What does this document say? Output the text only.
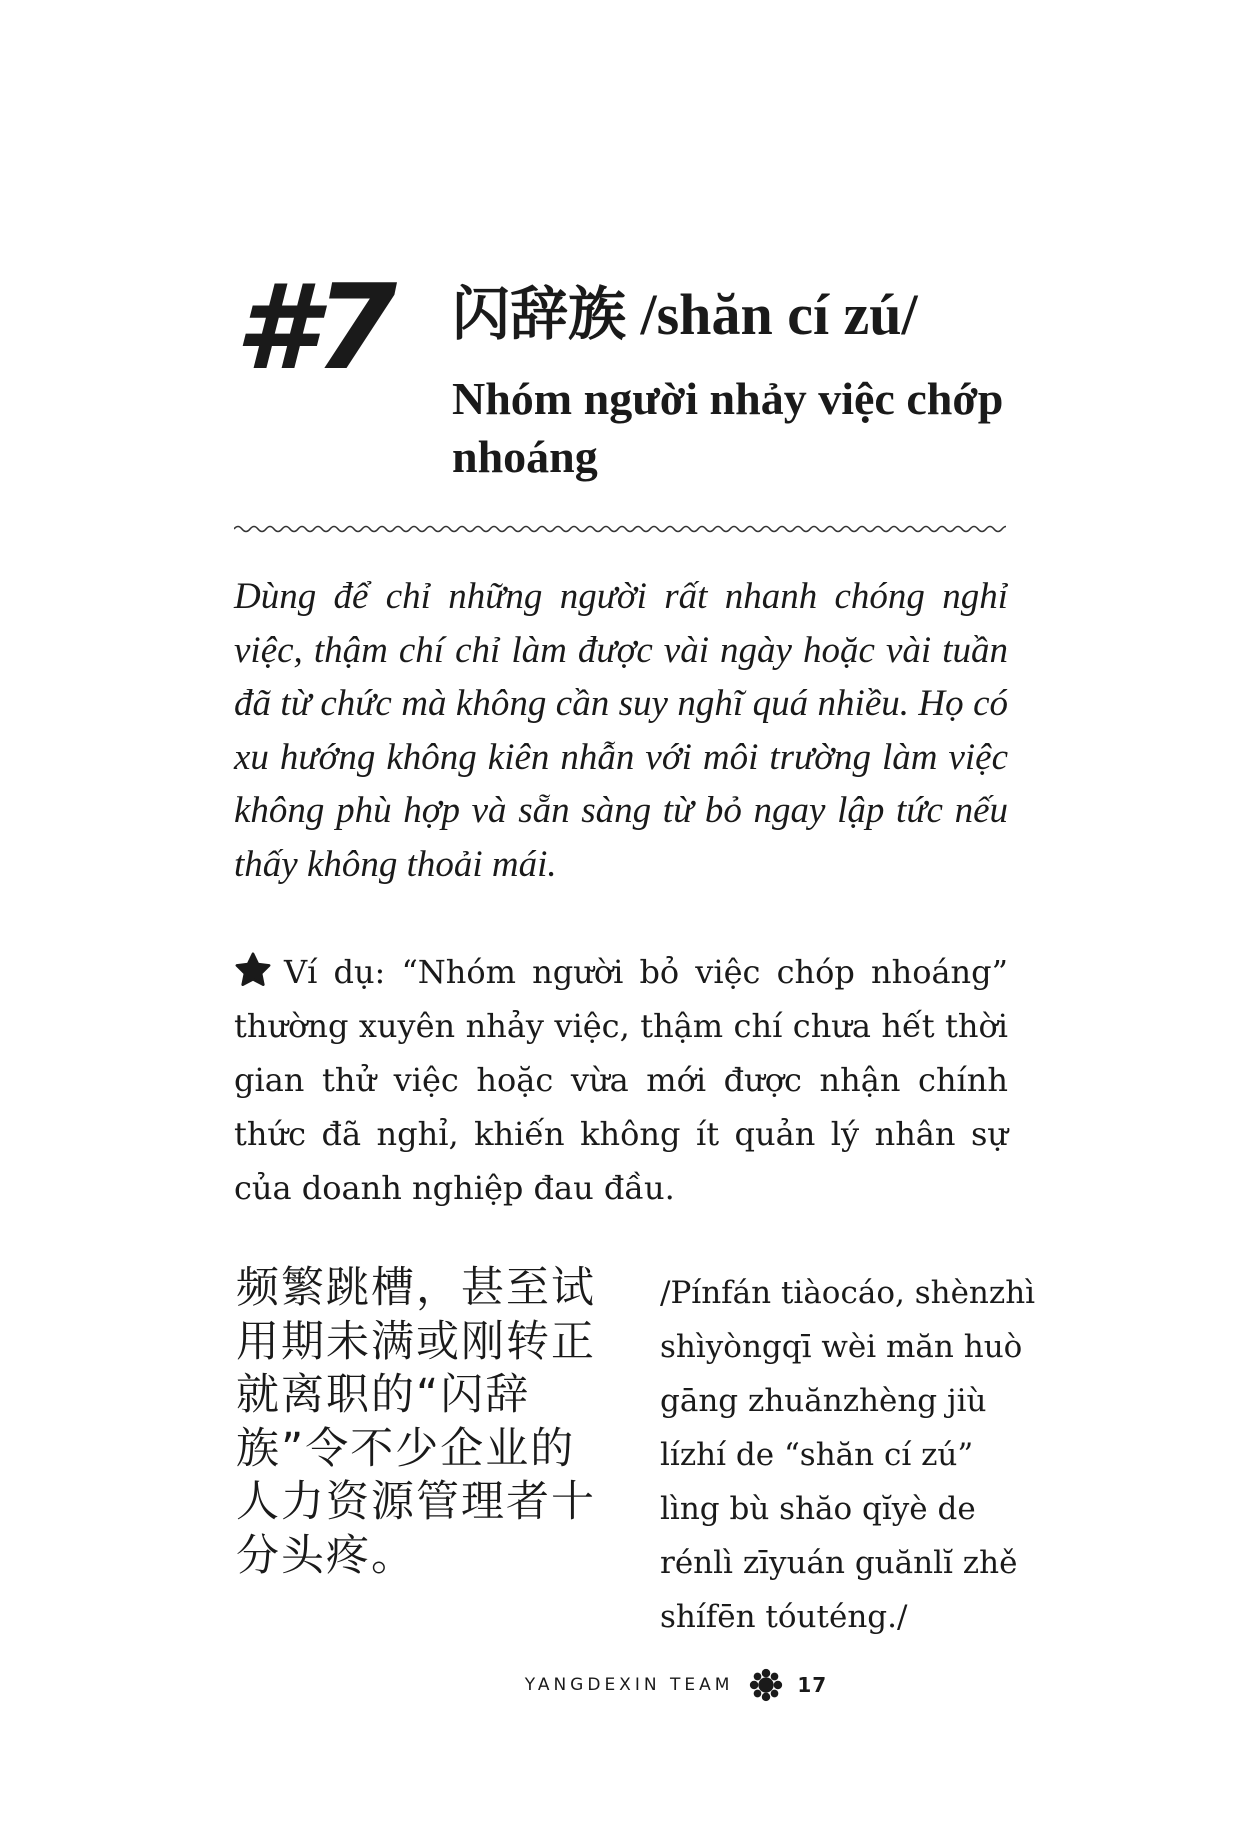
#7 闪辞族 /shăn cí zú/
Nhóm người nhảy việc chớp nhoáng
Dùng để chỉ những người rất nhanh chóng nghỉ việc, thậm chí chỉ làm được vài ngày hoặc vài tuần đã từ chức mà không cần suy nghĩ quá nhiều. Họ có xu hướng không kiên nhẫn với môi trường làm việc không phù hợp và sẵn sàng từ bỏ ngay lập tức nếu thấy không thoải mái.
Ví dụ: “Nhóm người bỏ việc chóp nhoáng” thường xuyên nhảy việc, thậm chí chưa hết thời gian thử việc hoặc vừa mới được nhận chính thức đã nghỉ, khiến không ít quản lý nhân sự của doanh nghiệp đau đầu.
频繁跳槽，甚至试用期未满或刚转正就离职的“闪辞族”令不少企业的人力资源管理者十分头疼。
/Pínfán tiàocáo, shènzhì
shìyòngqī wèi măn huò
gāng zhuănzhèng jiù
lízhí de “shăn cí zú”
lìng bù shăo qĭyè de
rénlì zīyuán guănlĭ zhě
shífēn tóuténg./
YANGDEXIN TEAM	17
